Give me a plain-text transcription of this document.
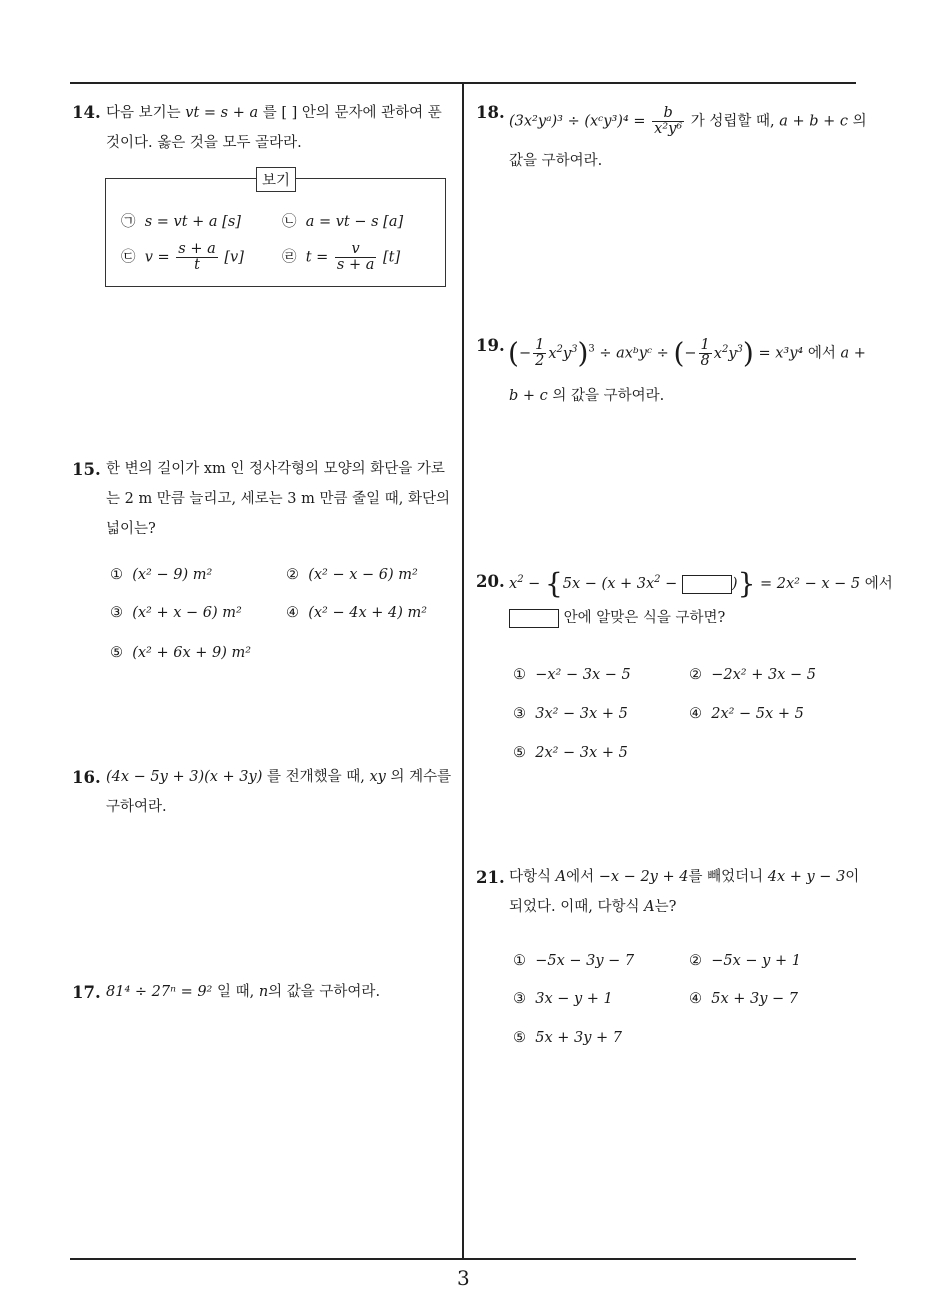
3
14. 다음 보기는 vt = s + a 를 [ ] 안의 문자에 관하여 푼
것이다. 옳은 것을 모두 골라라.
보기
㉠ s = vt + a [s]	㉡ a = vt − s [a]
㉢ $v = \frac{s + a}{t} [v]$	㉣ $t = \frac{v}{s + a} [t]$
15. 한 변의 길이가 xm 인 정사각형의 모양의 화단을 가로
는 2 m 만큼 늘리고, 세로는 3 m 만큼 줄일 때, 화단의
넓이는?
① (x² − 9) m²	② (x² − x − 6) m²
③ (x² + x − 6) m²	④ (x² − 4x + 4) m²
⑤ (x² + 6x + 9) m²
16. (4x − 5y + 3)(x + 3y) 를 전개했을 때, xy 의 계수를
구하여라.
17. 81⁴ ÷ 27ⁿ = 9² 일 때, n의 값을 구하여라.
18. (3x²yᵃ)³ ÷ (xᶜy³)⁴ = $\frac{b}{\text{x²y⁶}}$ 가 성립할 때, a + b + c 의
값을 구하여라.
19. (− $\frac{1}{2} x^2y^3)^3$ ÷ axᵇyᶜ ÷ (− $\frac{1}{8} x^2y^3) = x^3y^4$ 에서 a +
b + c 의 값을 구하여라.
20. $x^2 - \{5x - (x + 3x^2$ −	)} = 2x² − x − 5 에서
안에 알맞은 식을 구하면?
① −x² − 3x − 5	② −2x² + 3x − 5
③ 3x² − 3x + 5	④ 2x² − 5x + 5
⑤ 2x² − 3x + 5
21. 다항식 A에서 −x − 2y + 4를 빼었더니 4x + y − 3이
되었다. 이때, 다항식 A는?
① −5x − 3y − 7	② −5x − y + 1
③ 3x − y + 1	④ 5x + 3y − 7
⑤ 5x + 3y + 7
